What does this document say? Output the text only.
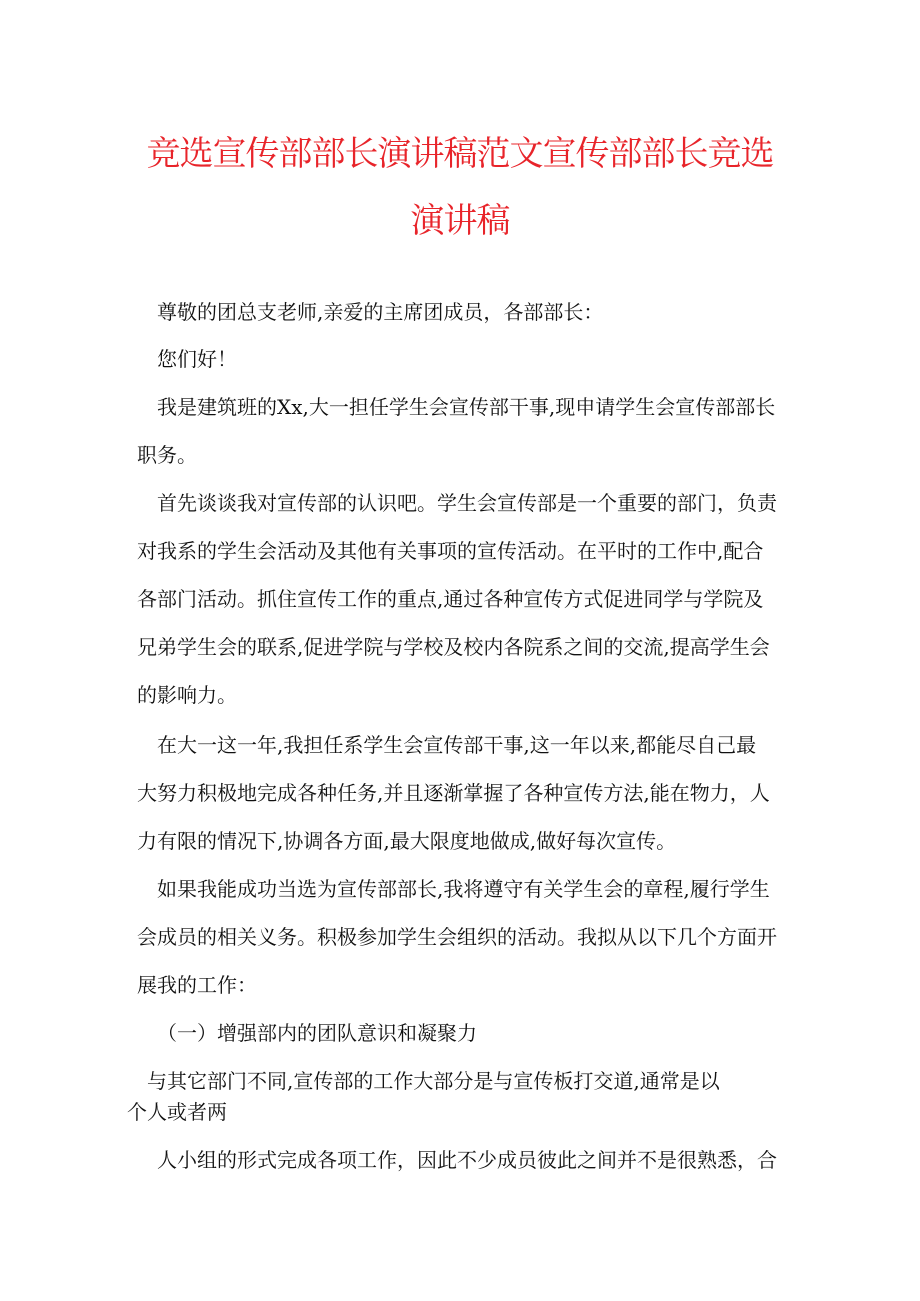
竞选宣传部部长演讲稿范文宣传部部长竞选
演讲稿
尊敬的团总支老师,亲爱的主席团成员，各部部长：
您们好！
我是建筑班的Xx,大一担任学生会宣传部干事,现申请学生会宣传部部长
职务。
首先谈谈我对宣传部的认识吧。学生会宣传部是一个重要的部门，负责
对我系的学生会活动及其他有关事项的宣传活动。在平时的工作中,配合
各部门活动。抓住宣传工作的重点,通过各种宣传方式促进同学与学院及
兄弟学生会的联系,促进学院与学校及校内各院系之间的交流,提高学生会
的影响力。
在大一这一年,我担任系学生会宣传部干事,这一年以来,都能尽自己最
大努力积极地完成各种任务,并且逐渐掌握了各种宣传方法,能在物力，人
力有限的情况下,协调各方面,最大限度地做成,做好每次宣传。
如果我能成功当选为宣传部部长,我将遵守有关学生会的章程,履行学生
会成员的相关义务。积极参加学生会组织的活动。我拟从以下几个方面开
展我的工作：
（一）增强部内的团队意识和凝聚力
与其它部门不同,宣传部的工作大部分是与宣传板打交道,通常是以
个人或者两
人小组的形式完成各项工作，因此不少成员彼此之间并不是很熟悉，合
